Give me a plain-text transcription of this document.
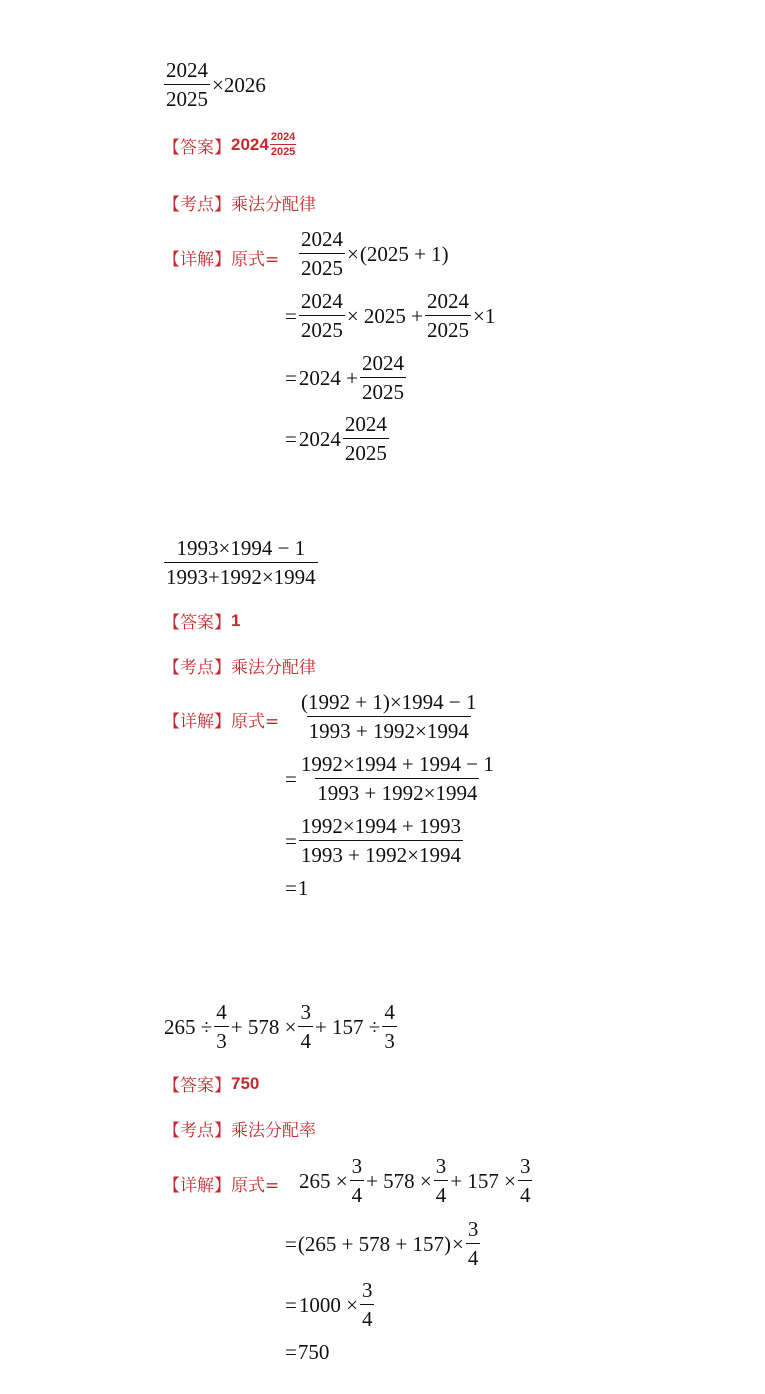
$\frac{2024}{2025} \times 2026$
【答案】 $2024 \frac{2024}{2025}$
【考点】 乘法分配律
【详解】 原式= $\frac{2024}{2025} \times (2025 + 1)$
= $\frac{2024}{2025} \times 2025 + \frac{2024}{2025} \times 1$
= $2024 + \frac{2024}{2025}$
= $2024 \frac{2024}{2025}$
$\frac{1993\times 1994 - 1}{1993+1992\times 1994}$
【答案】 1
【考点】 乘法分配律
【详解】 原式= $\frac{(1992 + 1)\times 1994 - 1}{1993 + 1992\times 1994}$
= $\frac{1992\times 1994 + 1994 - 1}{1993 + 1992\times 1994}$
= $\frac{1992\times 1994 + 1993}{1993 + 1992\times 1994}$
= 1
$265 \div \frac{4}{3} + 578 \times \frac{3}{4} + 157 \div \frac{4}{3}$
【答案】 750
【考点】 乘法分配率
【详解】 原式= $265 \times \frac{3}{4} + 578 \times \frac{3}{4} + 157 \times \frac{3}{4}$
= $(265 + 578 + 157) \times \frac{3}{4}$
= $1000 \times \frac{3}{4}$
= 750
